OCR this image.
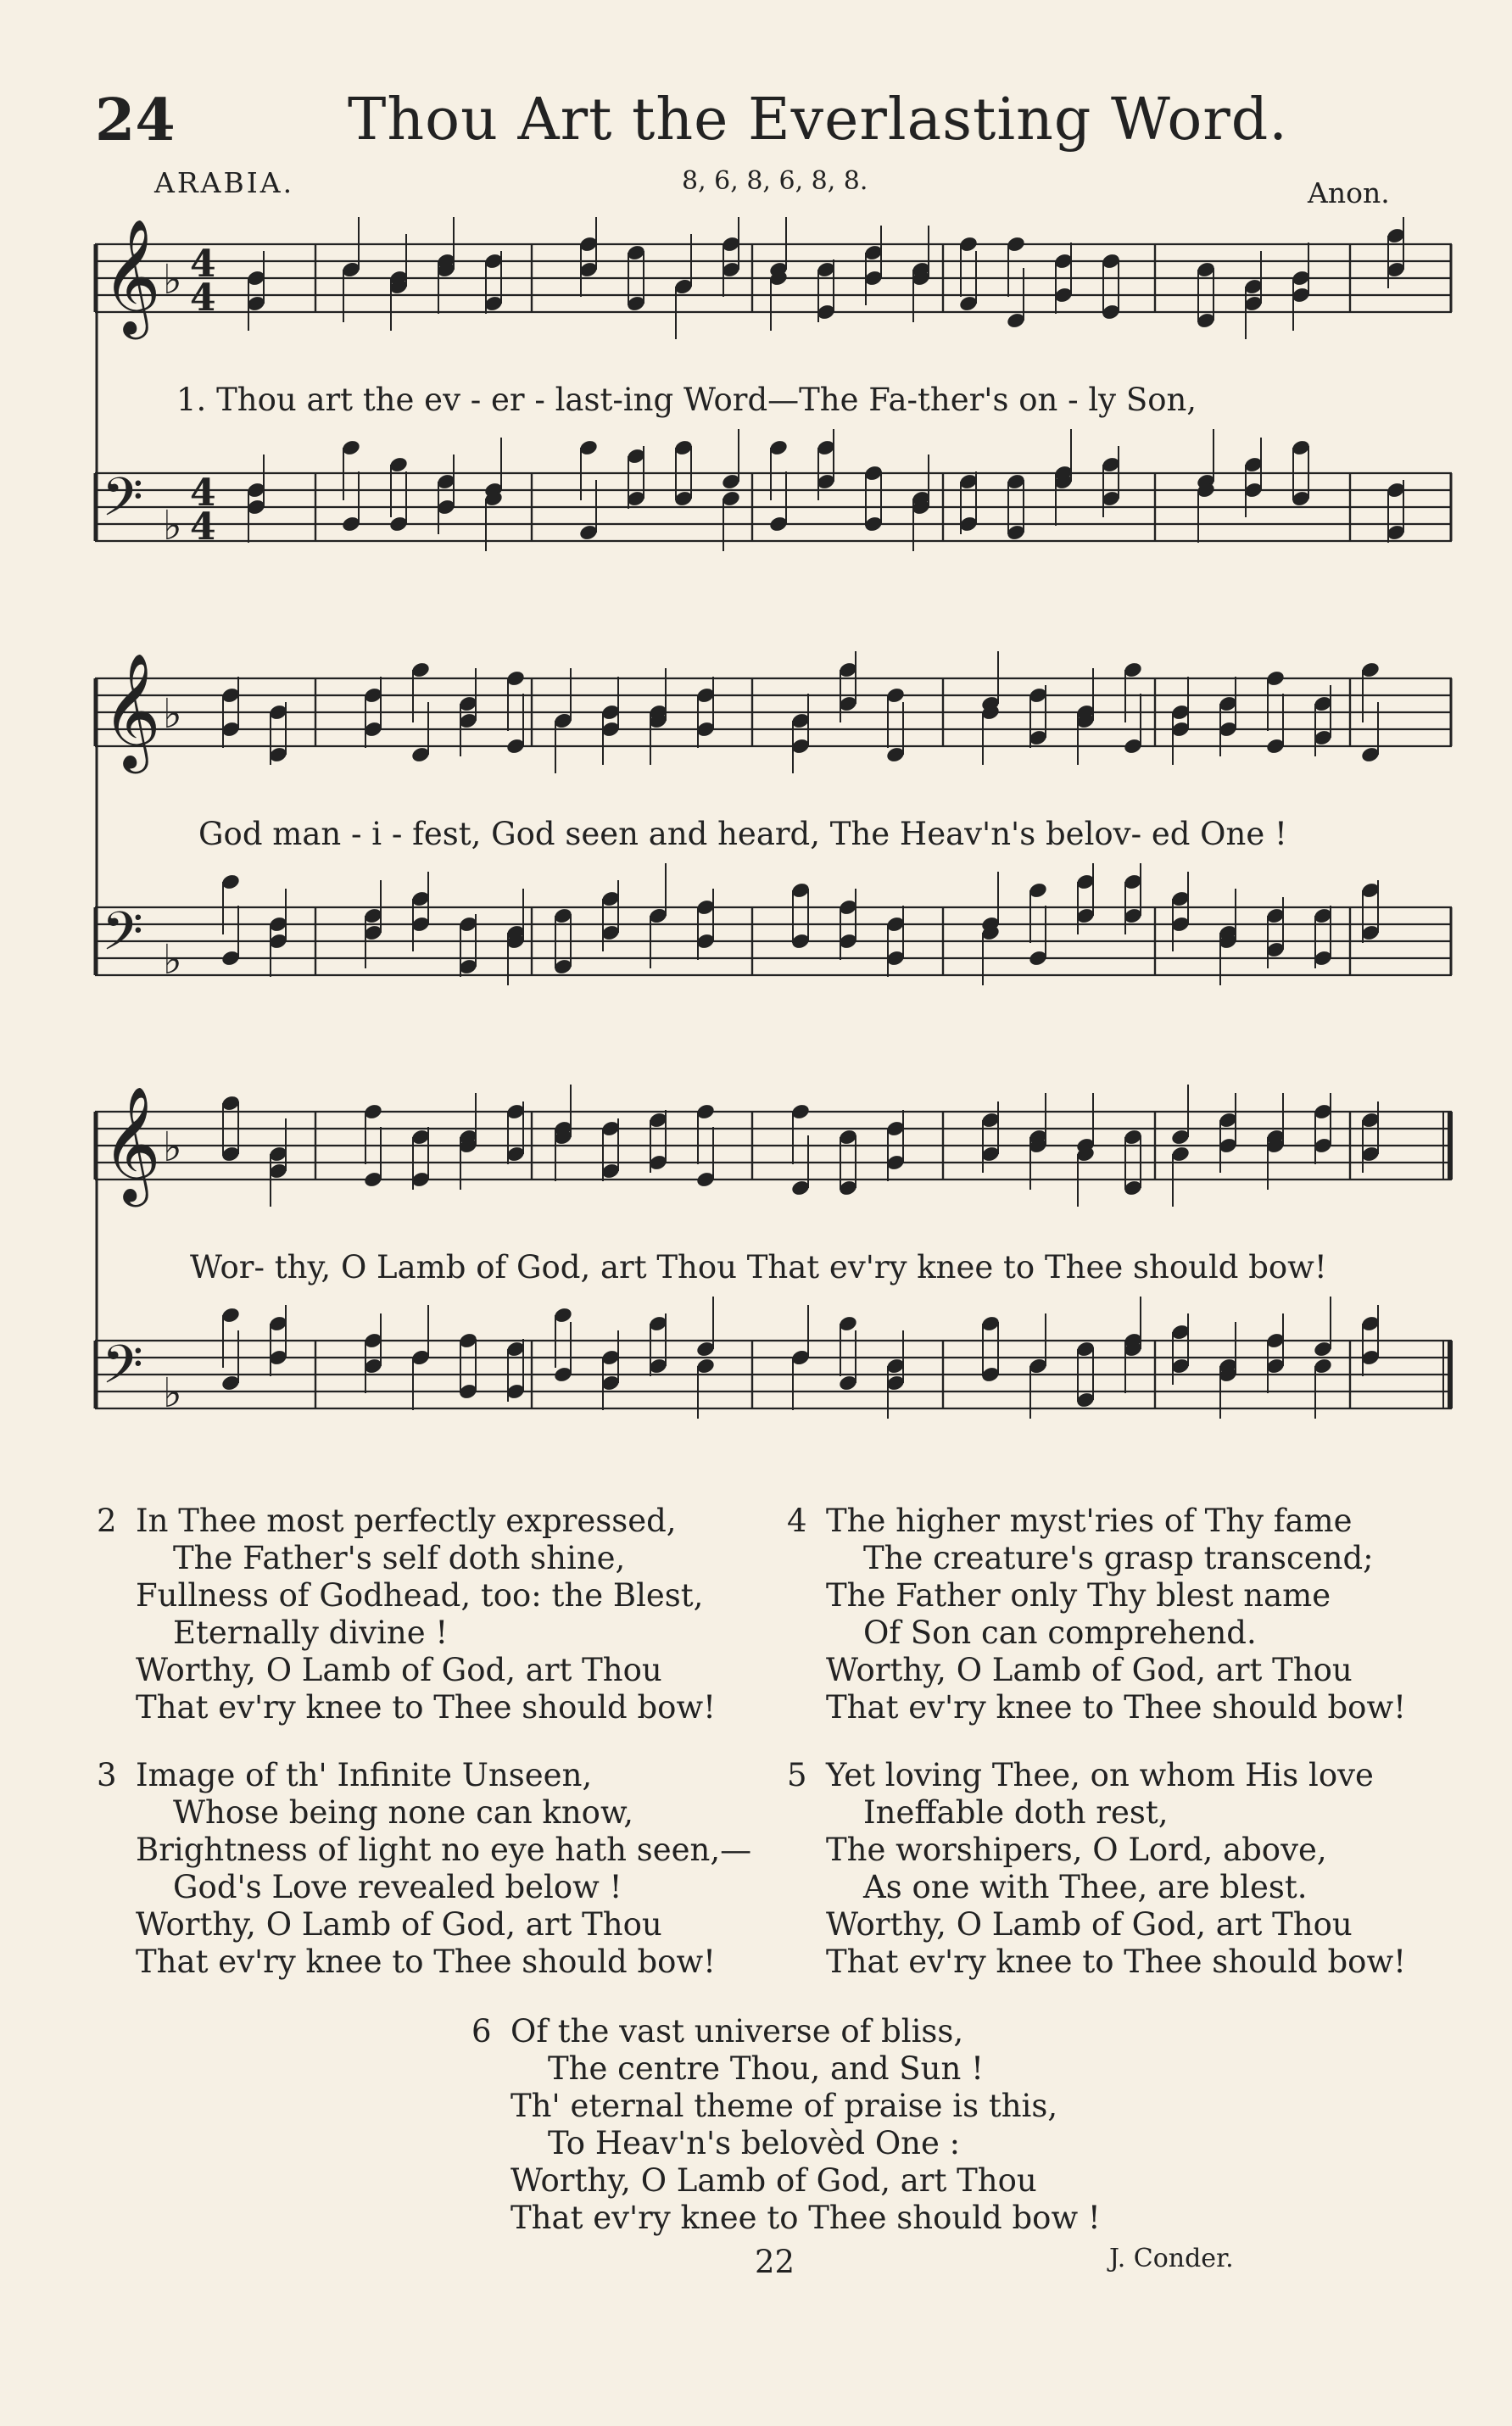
24	Thou Art the Everlasting Word.
ARABIA.	8, 6, 8, 6, 8, 8.	Anon.
𝄞 ♭ 4
4
𝄢 ♭
4
4
1. Thou art the ev - er - last-ing Word—The Fa-ther's on - ly Son,
𝄞 ♭
𝄢 ♭
God man - i - fest, God seen and heard, The Heav'n's belov- ed One !
𝄞 ♭
𝄢 ♭
Wor- thy, O Lamb of God, art Thou That ev'ry knee to Thee should bow!
2 In Thee most perfectly expressed,
The Father's self doth shine,
Fullness of Godhead, too: the Blest,
Eternally divine !
Worthy, O Lamb of God, art Thou
That ev'ry knee to Thee should bow!
3 Image of th' Infinite Unseen,
Whose being none can know,
Brightness of light no eye hath seen,—
God's Love revealed below !
Worthy, O Lamb of God, art Thou
That ev'ry knee to Thee should bow!
4 The higher myst'ries of Thy fame
The creature's grasp transcend;
The Father only Thy blest name
Of Son can comprehend.
Worthy, O Lamb of God, art Thou
That ev'ry knee to Thee should bow!
5 Yet loving Thee, on whom His love
Ineffable doth rest,
The worshipers, O Lord, above,
As one with Thee, are blest.
Worthy, O Lamb of God, art Thou
That ev'ry knee to Thee should bow!
6 Of the vast universe of bliss,
The centre Thou, and Sun !
Th' eternal theme of praise is this,
To Heav'n's belovèd One :
Worthy, O Lamb of God, art Thou
That ev'ry knee to Thee should bow !
22	J. Conder.
